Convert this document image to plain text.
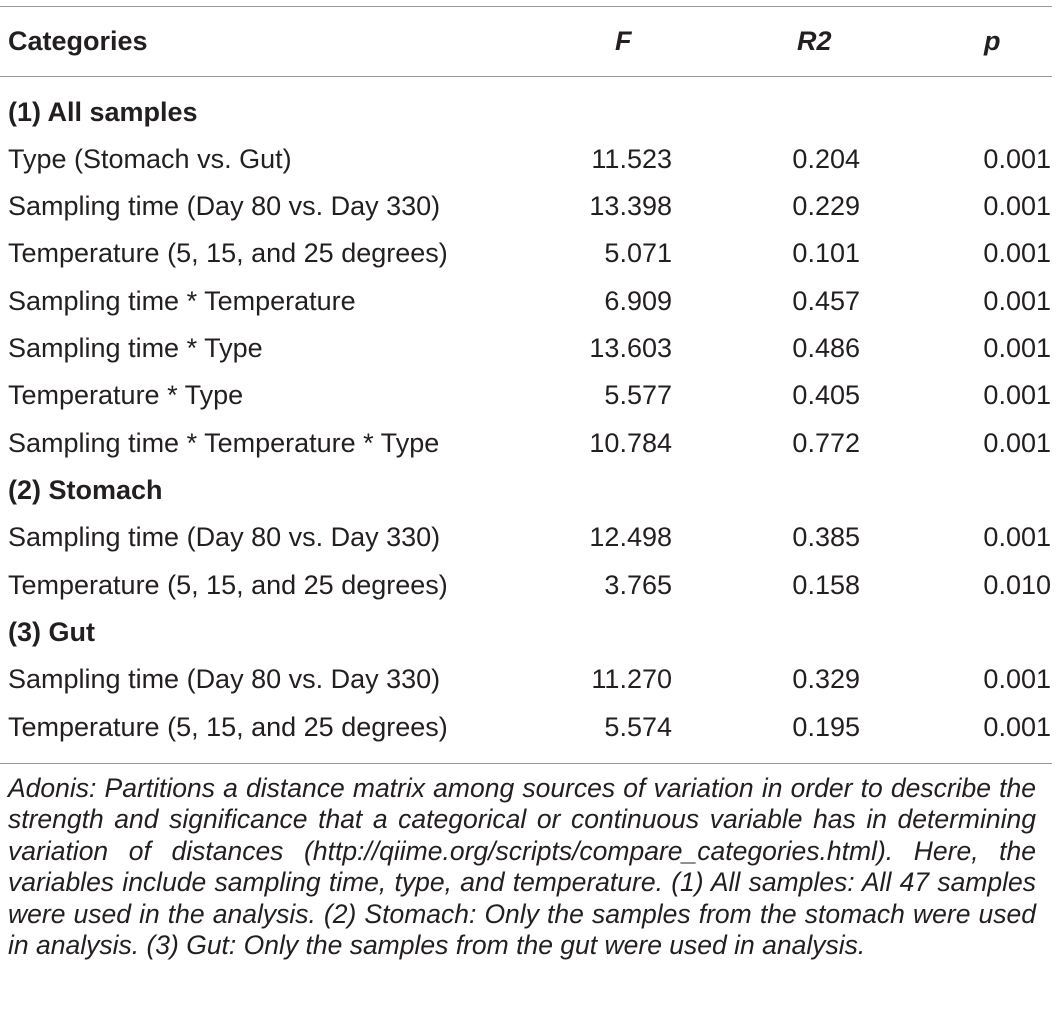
Categories	F	R2	p
(1) All samples
Type (Stomach vs. Gut)	11.523	0.204	0.001
Sampling time (Day 80 vs. Day 330)	13.398	0.229	0.001
Temperature (5, 15, and 25 degrees)	5.071	0.101	0.001
Sampling time * Temperature	6.909	0.457	0.001
Sampling time * Type	13.603	0.486	0.001
Temperature * Type	5.577	0.405	0.001
Sampling time * Temperature * Type	10.784	0.772	0.001
(2) Stomach
Sampling time (Day 80 vs. Day 330)	12.498	0.385	0.001
Temperature (5, 15, and 25 degrees)	3.765	0.158	0.010
(3) Gut
Sampling time (Day 80 vs. Day 330)	11.270	0.329	0.001
Temperature (5, 15, and 25 degrees)	5.574	0.195	0.001
Adonis: Partitions a distance matrix among sources of variation in order to describe the strength and significance that a categorical or continuous variable has in determining variation of distances (http://qiime.org/scripts/compare_categories.html). Here, the variables include sampling time, type, and temperature. (1) All samples: All 47 samples were used in the analysis. (2) Stomach: Only the samples from the stomach were used in analysis. (3) Gut: Only the samples from the gut were used in analysis.
